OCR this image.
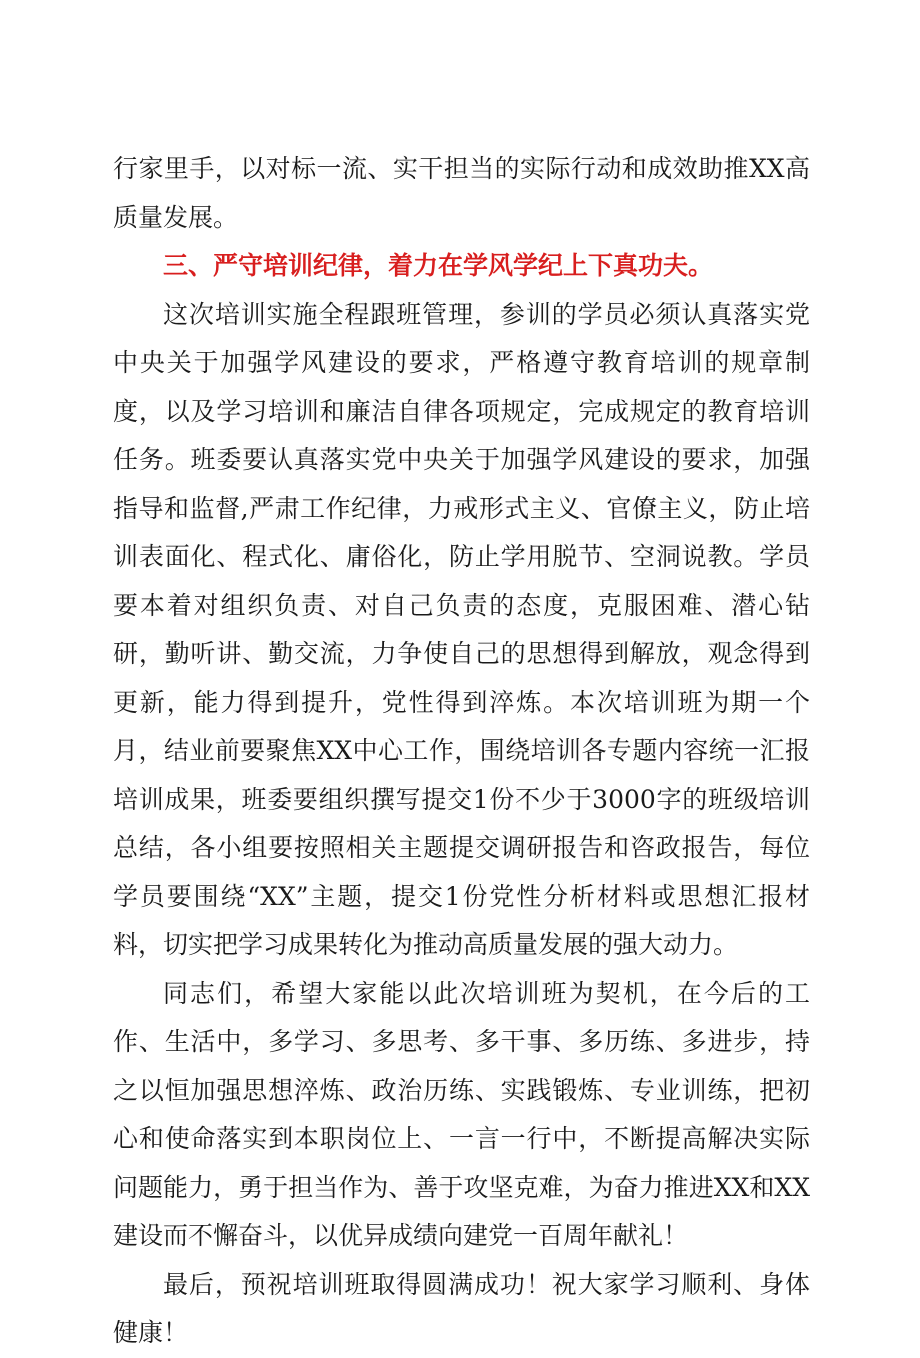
行家里手，以对标一流、实干担当的实际行动和成效助推XX高质量发展。

三、严守培训纪律，着力在学风学纪上下真功夫。

这次培训实施全程跟班管理，参训的学员必须认真落实党中央关于加强学风建设的要求，严格遵守教育培训的规章制度，以及学习培训和廉洁自律各项规定，完成规定的教育培训任务。班委要认真落实党中央关于加强学风建设的要求，加强指导和监督,严肃工作纪律，力戒形式主义、官僚主义，防止培训表面化、程式化、庸俗化，防止学用脱节、空洞说教。学员要本着对组织负责、对自己负责的态度，克服困难、潜心钻研，勤听讲、勤交流，力争使自己的思想得到解放，观念得到更新，能力得到提升，党性得到淬炼。本次培训班为期一个月，结业前要聚焦XX中心工作，围绕培训各专题内容统一汇报培训成果，班委要组织撰写提交1份不少于3000字的班级培训总结，各小组要按照相关主题提交调研报告和咨政报告，每位学员要围绕“XX”主题，提交1份党性分析材料或思想汇报材料，切实把学习成果转化为推动高质量发展的强大动力。

同志们，希望大家能以此次培训班为契机，在今后的工作、生活中，多学习、多思考、多干事、多历练、多进步，持之以恒加强思想淬炼、政治历练、实践锻炼、专业训练，把初心和使命落实到本职岗位上、一言一行中，不断提高解决实际问题能力，勇于担当作为、善于攻坚克难，为奋力推进XX和XX建设而不懈奋斗，以优异成绩向建党一百周年献礼！

最后，预祝培训班取得圆满成功！祝大家学习顺利、身体健康！
